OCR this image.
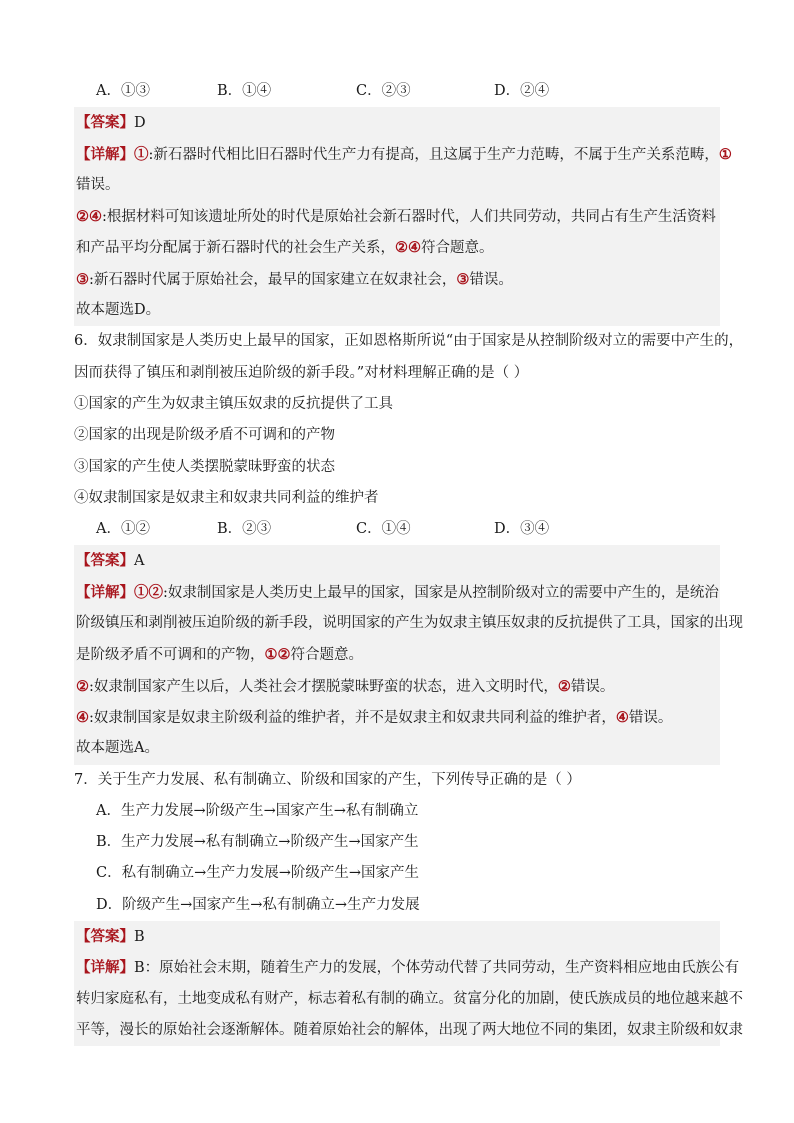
A．①③	B．①④	C．②③	D．②④
【答案】D
【详解】①:新石器时代相比旧石器时代生产力有提高，且这属于生产力范畴，不属于生产关系范畴，①
错误。
②④:根据材料可知该遗址所处的时代是原始社会新石器时代，人们共同劳动，共同占有生产生活资料
和产品平均分配属于新石器时代的社会生产关系，②④符合题意。
③:新石器时代属于原始社会，最早的国家建立在奴隶社会，③错误。
故本题选D。
6．奴隶制国家是人类历史上最早的国家，正如恩格斯所说“由于国家是从控制阶级对立的需要中产生的，
因而获得了镇压和剥削被压迫阶级的新手段。”对材料理解正确的是（ ）
①国家的产生为奴隶主镇压奴隶的反抗提供了工具
②国家的出现是阶级矛盾不可调和的产物
③国家的产生使人类摆脱蒙昧野蛮的状态
④奴隶制国家是奴隶主和奴隶共同利益的维护者
A．①②	B．②③	C．①④	D．③④
【答案】A
【详解】①②:奴隶制国家是人类历史上最早的国家，国家是从控制阶级对立的需要中产生的，是统治
阶级镇压和剥削被压迫阶级的新手段，说明国家的产生为奴隶主镇压奴隶的反抗提供了工具，国家的出现
是阶级矛盾不可调和的产物，①②符合题意。
②:奴隶制国家产生以后，人类社会才摆脱蒙昧野蛮的状态，进入文明时代，②错误。
④:奴隶制国家是奴隶主阶级利益的维护者，并不是奴隶主和奴隶共同利益的维护者，④错误。
故本题选A。
7．关于生产力发展、私有制确立、阶级和国家的产生，下列传导正确的是（ ）
A．生产力发展→阶级产生→国家产生→私有制确立
B．生产力发展→私有制确立→阶级产生→国家产生
C．私有制确立→生产力发展→阶级产生→国家产生
D．阶级产生→国家产生→私有制确立→生产力发展
【答案】B
【详解】B：原始社会末期，随着生产力的发展，个体劳动代替了共同劳动，生产资料相应地由氏族公有
转归家庭私有，土地变成私有财产，标志着私有制的确立。贫富分化的加剧，使氏族成员的地位越来越不
平等，漫长的原始社会逐渐解体。随着原始社会的解体，出现了两大地位不同的集团，奴隶主阶级和奴隶
